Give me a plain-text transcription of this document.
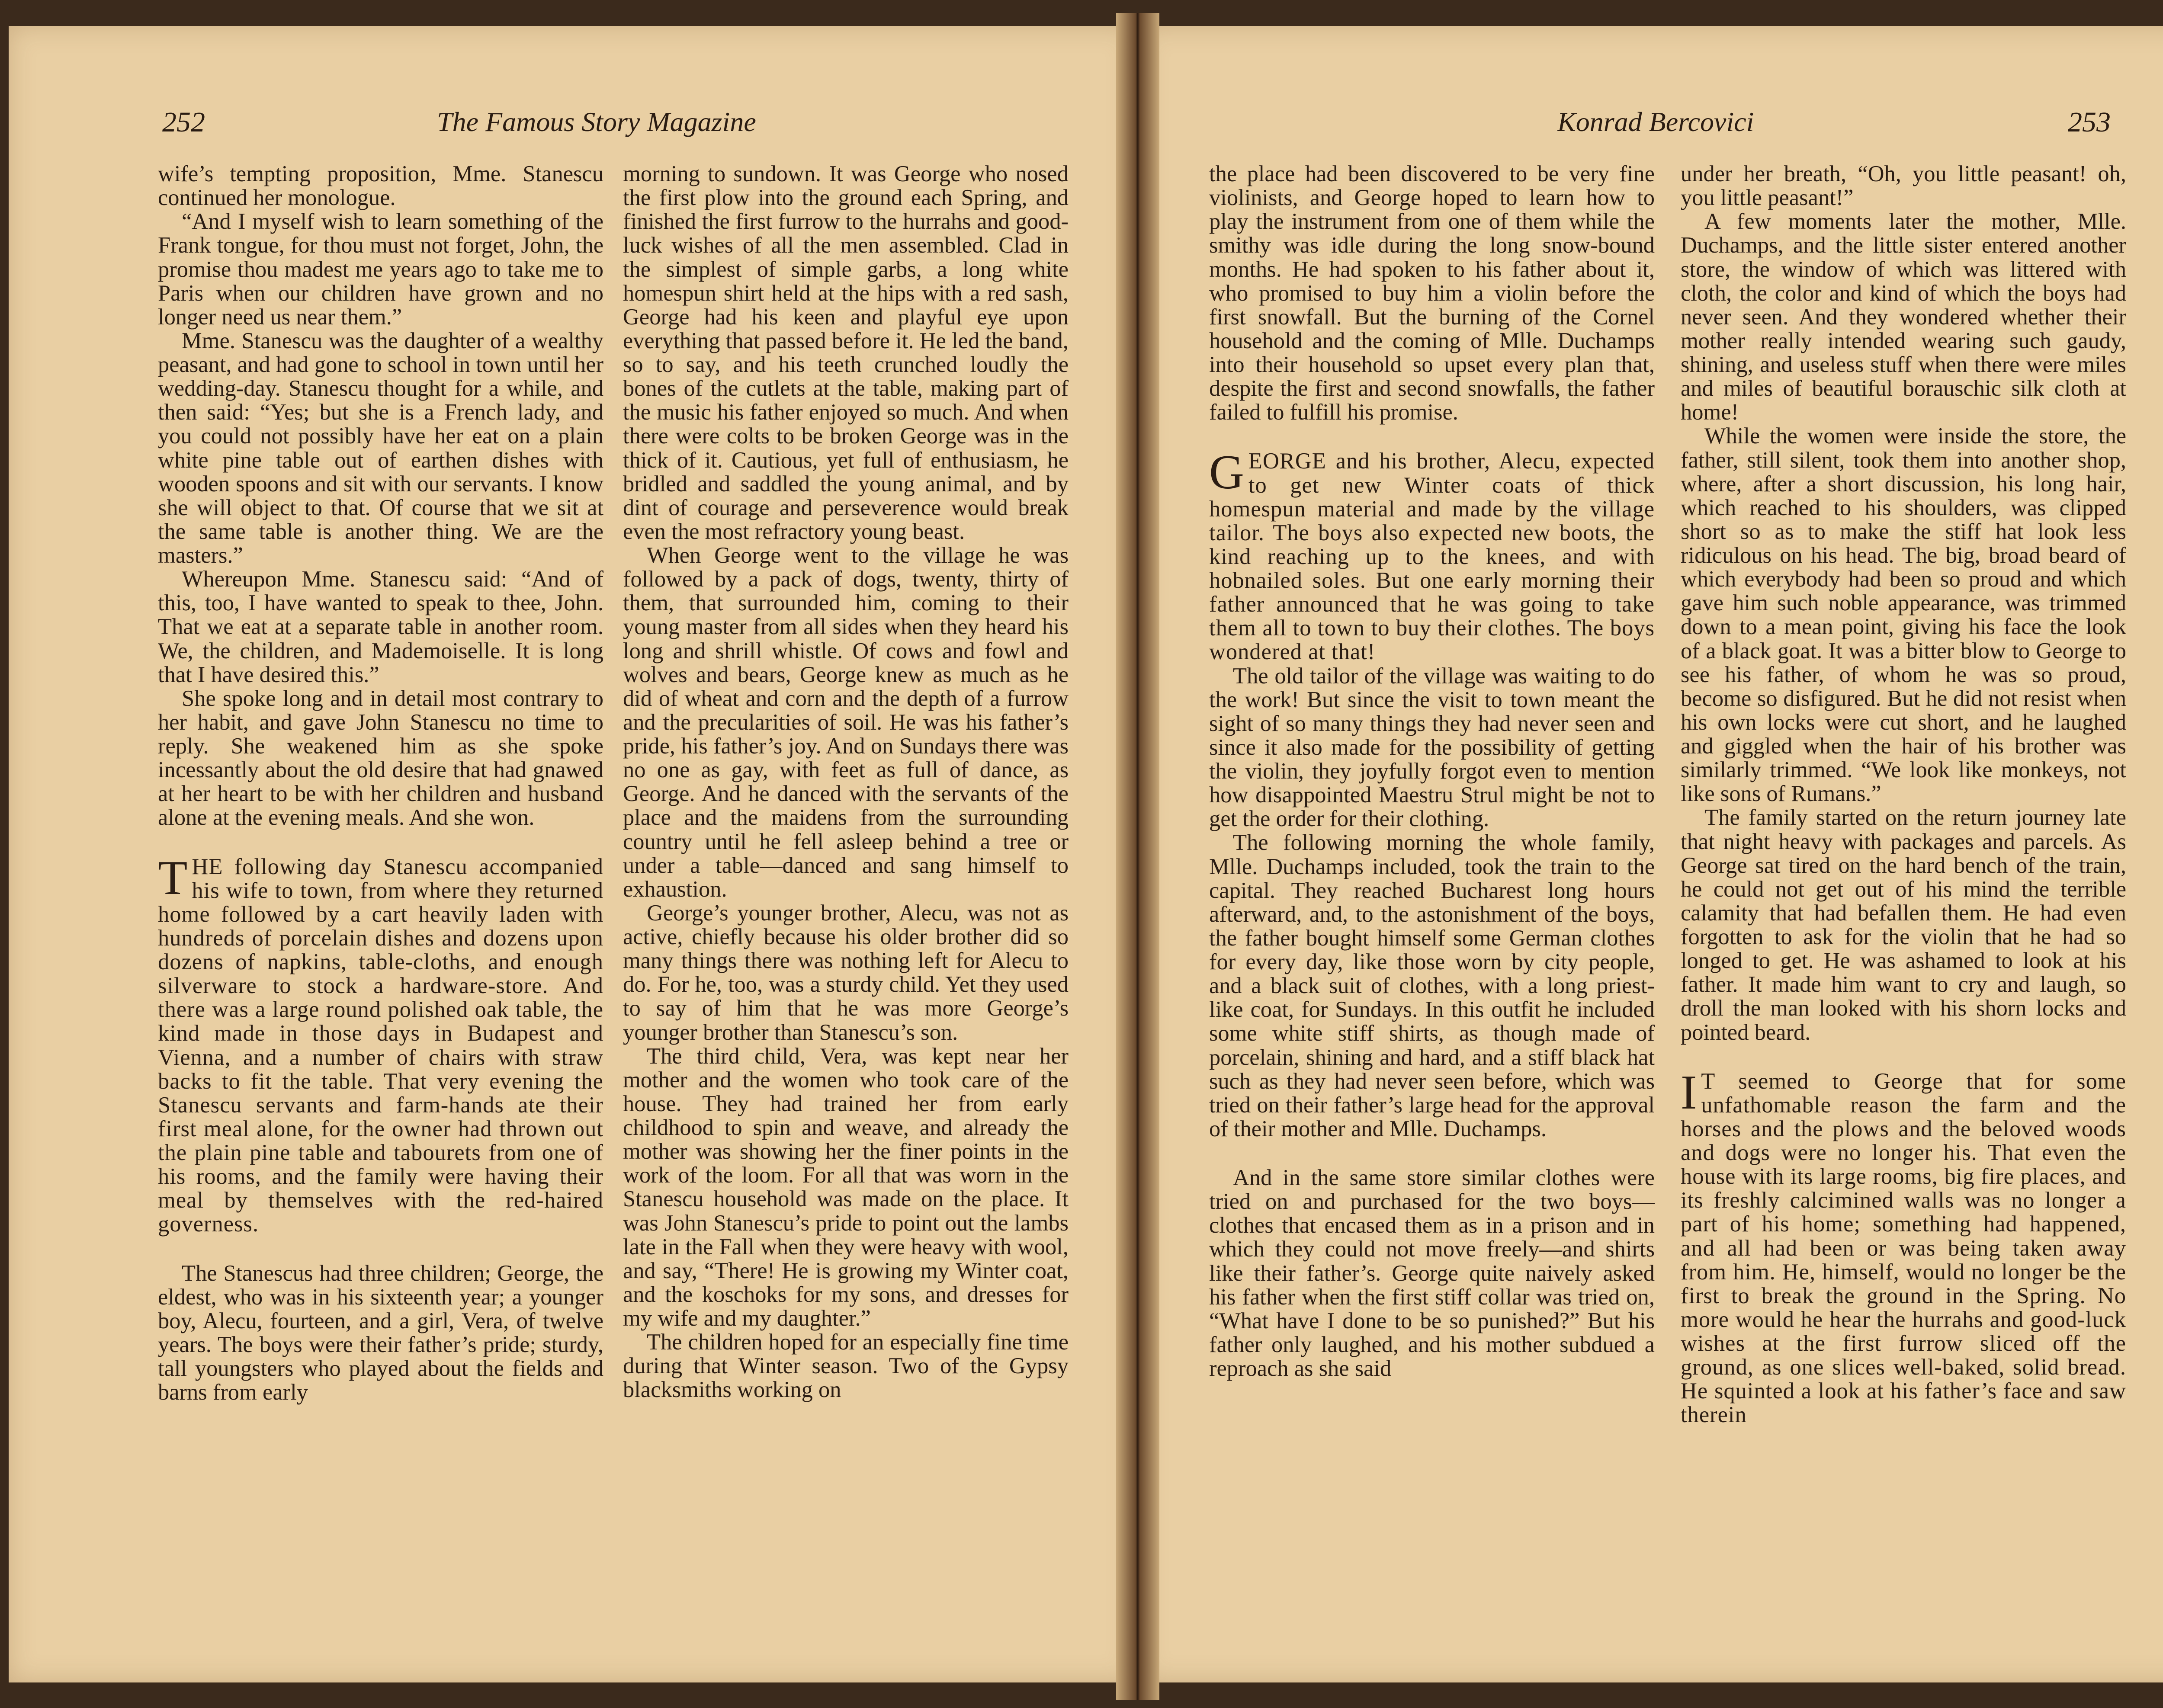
252	The Famous Story Magazine	Konrad Bercovici	253

wife’s tempting proposition, Mme. Stanescu continued her monologue.

“And I myself wish to learn something of the Frank tongue, for thou must not forget, John, the promise thou madest me years ago to take me to Paris when our children have grown and no longer need us near them.”

Mme. Stanescu was the daughter of a wealthy peasant, and had gone to school in town until her wedding-day. Stanescu thought for a while, and then said: “Yes; but she is a French lady, and you could not possibly have her eat on a plain white pine table out of earthen dishes with wooden spoons and sit with our servants. I know she will object to that. Of course that we sit at the same table is another thing. We are the masters.”

Whereupon Mme. Stanescu said: “And of this, too, I have wanted to speak to thee, John. That we eat at a separate table in another room. We, the children, and Mademoiselle. It is long that I have desired this.”

She spoke long and in detail most contrary to her habit, and gave John Stanescu no time to reply. She weakened him as she spoke incessantly about the old desire that had gnawed at her heart to be with her children and husband alone at the evening meals. And she won.

THE following day Stanescu accompanied his wife to town, from where they returned home followed by a cart heavily laden with hundreds of porcelain dishes and dozens upon dozens of napkins, table-cloths, and enough silverware to stock a hardware-store. And there was a large round polished oak table, the kind made in those days in Budapest and Vienna, and a number of chairs with straw backs to fit the table. That very evening the Stanescu servants and farm-hands ate their first meal alone, for the owner had thrown out the plain pine table and tabourets from one of his rooms, and the family were having their meal by themselves with the red-haired governess.

The Stanescus had three children; George, the eldest, who was in his sixteenth year; a younger boy, Alecu, fourteen, and a girl, Vera, of twelve years. The boys were their father’s pride; sturdy, tall youngsters who played about the fields and barns from early

morning to sundown. It was George who nosed the first plow into the ground each Spring, and finished the first furrow to the hurrahs and good-luck wishes of all the men assembled. Clad in the simplest of simple garbs, a long white homespun shirt held at the hips with a red sash, George had his keen and playful eye upon everything that passed before it. He led the band, so to say, and his teeth crunched loudly the bones of the cutlets at the table, making part of the music his father enjoyed so much. And when there were colts to be broken George was in the thick of it. Cautious, yet full of enthusiasm, he bridled and saddled the young animal, and by dint of courage and perseverence would break even the most refractory young beast.

When George went to the village he was followed by a pack of dogs, twenty, thirty of them, that surrounded him, coming to their young master from all sides when they heard his long and shrill whistle. Of cows and fowl and wolves and bears, George knew as much as he did of wheat and corn and the depth of a furrow and the precularities of soil. He was his father’s pride, his father’s joy. And on Sundays there was no one as gay, with feet as full of dance, as George. And he danced with the servants of the place and the maidens from the surrounding country until he fell asleep behind a tree or under a table—danced and sang himself to exhaustion.

George’s younger brother, Alecu, was not as active, chiefly because his older brother did so many things there was nothing left for Alecu to do. For he, too, was a sturdy child. Yet they used to say of him that he was more George’s younger brother than Stanescu’s son.

The third child, Vera, was kept near her mother and the women who took care of the house. They had trained her from early childhood to spin and weave, and already the mother was showing her the finer points in the work of the loom. For all that was worn in the Stanescu household was made on the place. It was John Stanescu’s pride to point out the lambs late in the Fall when they were heavy with wool, and say, “There! He is growing my Winter coat, and the koschoks for my sons, and dresses for my wife and my daughter.”

The children hoped for an especially fine time during that Winter season. Two of the Gypsy blacksmiths working on

the place had been discovered to be very fine violinists, and George hoped to learn how to play the instrument from one of them while the smithy was idle during the long snow-bound months. He had spoken to his father about it, who promised to buy him a violin before the first snowfall. But the burning of the Cornel household and the coming of Mlle. Duchamps into their household so upset every plan that, despite the first and second snowfalls, the father failed to fulfill his promise.

GEORGE and his brother, Alecu, expected to get new Winter coats of thick homespun material and made by the village tailor. The boys also expected new boots, the kind reaching up to the knees, and with hobnailed soles. But one early morning their father announced that he was going to take them all to town to buy their clothes. The boys wondered at that!

The old tailor of the village was waiting to do the work! But since the visit to town meant the sight of so many things they had never seen and since it also made for the possibility of getting the violin, they joyfully forgot even to mention how disappointed Maestru Strul might be not to get the order for their clothing.

The following morning the whole family, Mlle. Duchamps included, took the train to the capital. They reached Bucharest long hours afterward, and, to the astonishment of the boys, the father bought himself some German clothes for every day, like those worn by city people, and a black suit of clothes, with a long priest-like coat, for Sundays. In this outfit he included some white stiff shirts, as though made of porcelain, shining and hard, and a stiff black hat such as they had never seen before, which was tried on their father’s large head for the approval of their mother and Mlle. Duchamps.

And in the same store similar clothes were tried on and purchased for the two boys—clothes that encased them as in a prison and in which they could not move freely—and shirts like their father’s. George quite naively asked his father when the first stiff collar was tried on, “What have I done to be so punished?” But his father only laughed, and his mother subdued a reproach as she said

under her breath, “Oh, you little peasant! oh, you little peasant!”

A few moments later the mother, Mlle. Duchamps, and the little sister entered another store, the window of which was littered with cloth, the color and kind of which the boys had never seen. And they wondered whether their mother really intended wearing such gaudy, shining, and useless stuff when there were miles and miles of beautiful borauschic silk cloth at home!

While the women were inside the store, the father, still silent, took them into another shop, where, after a short discussion, his long hair, which reached to his shoulders, was clipped short so as to make the stiff hat look less ridiculous on his head. The big, broad beard of which everybody had been so proud and which gave him such noble appearance, was trimmed down to a mean point, giving his face the look of a black goat. It was a bitter blow to George to see his father, of whom he was so proud, become so disfigured. But he did not resist when his own locks were cut short, and he laughed and giggled when the hair of his brother was similarly trimmed. “We look like monkeys, not like sons of Rumans.”

The family started on the return journey late that night heavy with packages and parcels. As George sat tired on the hard bench of the train, he could not get out of his mind the terrible calamity that had befallen them. He had even forgotten to ask for the violin that he had so longed to get. He was ashamed to look at his father. It made him want to cry and laugh, so droll the man looked with his shorn locks and pointed beard.

I T seemed to George that for some unfathomable reason the farm and the horses and the plows and the beloved woods and dogs were no longer his. That even the house with its large rooms, big fire places, and its freshly calcimined walls was no longer a part of his home; something had happened, and all had been or was being taken away from him. He, himself, would no longer be the first to break the ground in the Spring. No more would he hear the hurrahs and good-luck wishes at the first furrow sliced off the ground, as one slices well-baked, solid bread. He squinted a look at his father’s face and saw therein
